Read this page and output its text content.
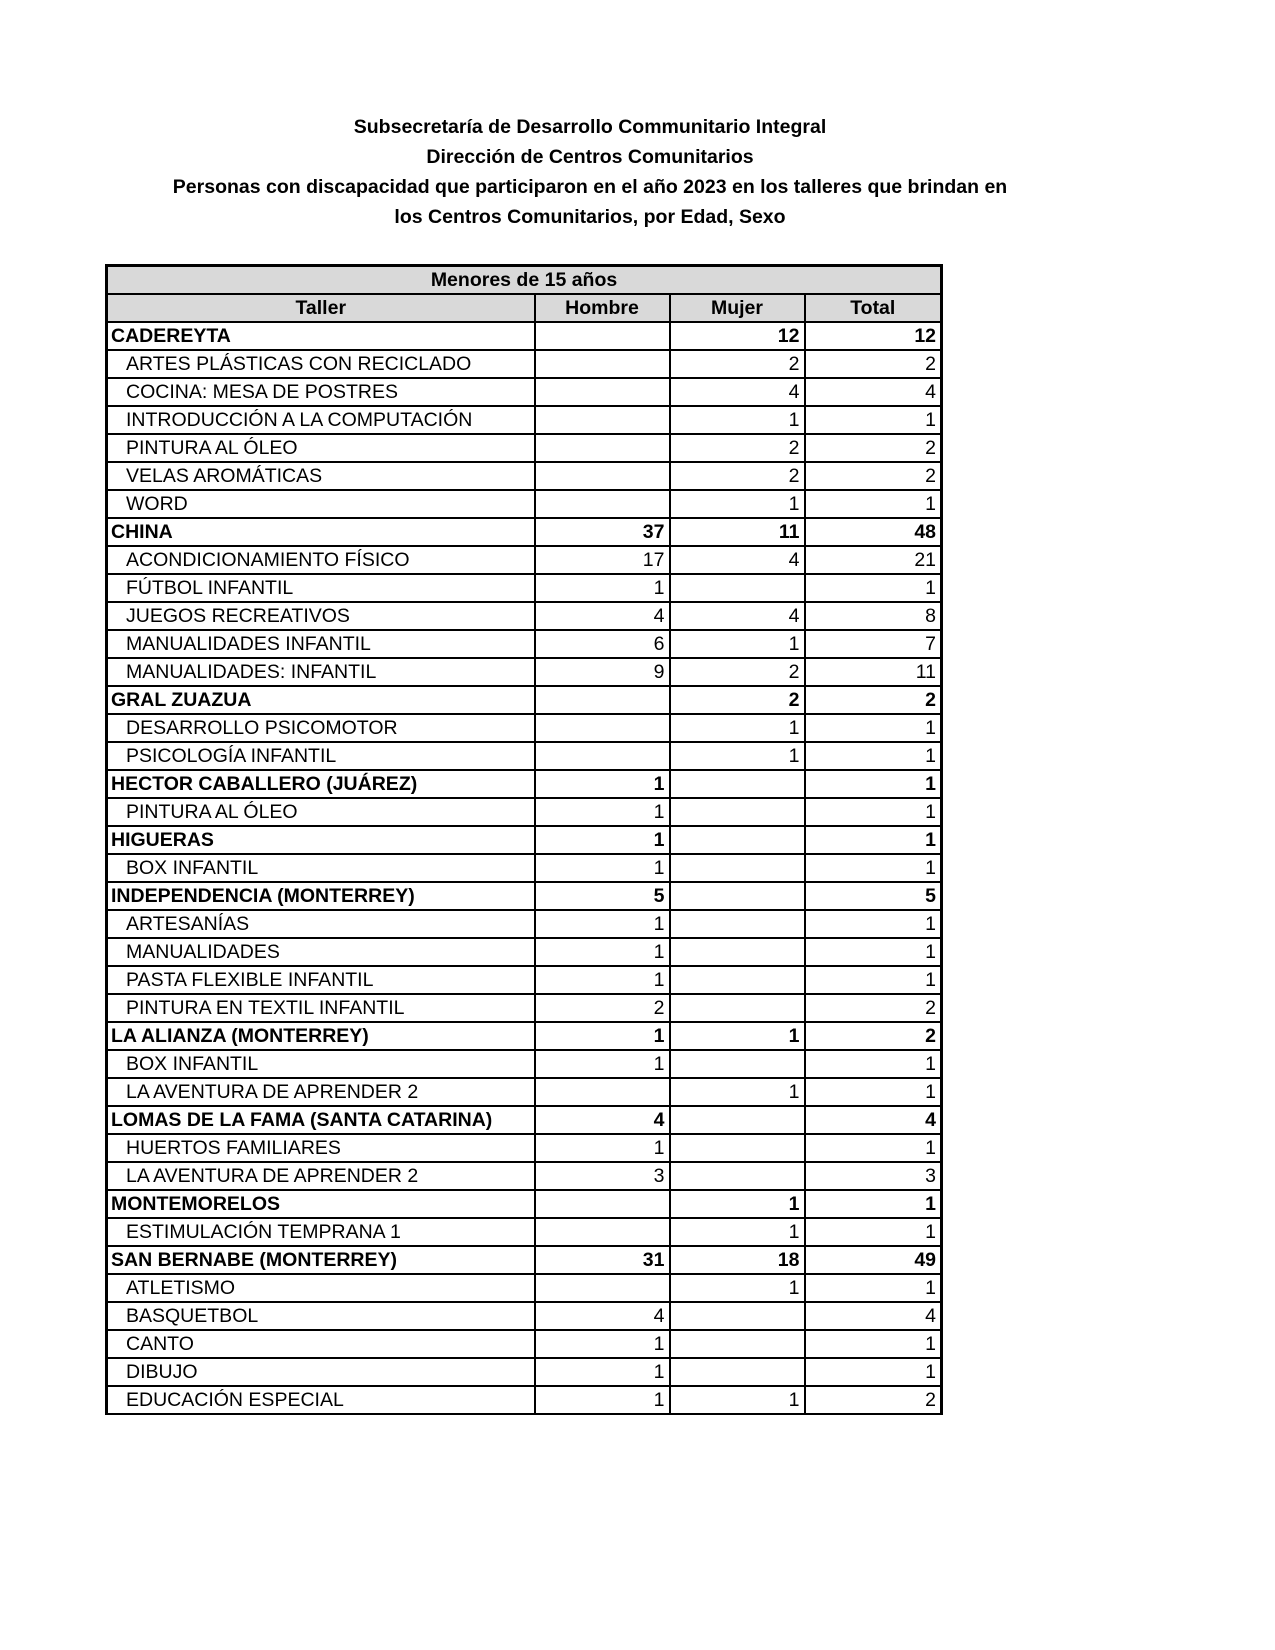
Subsecretaría de Desarrollo Communitario Integral
Dirección de Centros Comunitarios
Personas con discapacidad que participaron en el año 2023 en los talleres que brindan en
los Centros Comunitarios, por Edad, Sexo
Menores de 15 años			
Taller	Hombre	Mujer	Total
CADEREYTA		12	12
ARTES PLÁSTICAS CON RECICLADO		2	2
COCINA: MESA DE POSTRES		4	4
INTRODUCCIÓN A LA COMPUTACIÓN		1	1
PINTURA AL ÓLEO		2	2
VELAS AROMÁTICAS		2	2
WORD		1	1
CHINA	37	11	48
ACONDICIONAMIENTO FÍSICO	17	4	21
FÚTBOL INFANTIL	1		1
JUEGOS RECREATIVOS	4	4	8
MANUALIDADES INFANTIL	6	1	7
MANUALIDADES: INFANTIL	9	2	11
GRAL ZUAZUA		2	2
DESARROLLO PSICOMOTOR		1	1
PSICOLOGÍA INFANTIL		1	1
HECTOR CABALLERO (JUÁREZ)	1		1
PINTURA AL ÓLEO	1		1
HIGUERAS	1		1
BOX INFANTIL	1		1
INDEPENDENCIA (MONTERREY)	5		5
ARTESANÍAS	1		1
MANUALIDADES	1		1
PASTA FLEXIBLE INFANTIL	1		1
PINTURA EN TEXTIL INFANTIL	2		2
LA ALIANZA (MONTERREY)	1	1	2
BOX INFANTIL	1		1
LA AVENTURA DE APRENDER 2		1	1
LOMAS DE LA FAMA (SANTA CATARINA)	4		4
HUERTOS FAMILIARES	1		1
LA AVENTURA DE APRENDER 2	3		3
MONTEMORELOS		1	1
ESTIMULACIÓN TEMPRANA 1		1	1
SAN BERNABE (MONTERREY)	31	18	49
ATLETISMO		1	1
BASQUETBOL	4		4
CANTO	1		1
DIBUJO	1		1
EDUCACIÓN ESPECIAL	1	1	2
